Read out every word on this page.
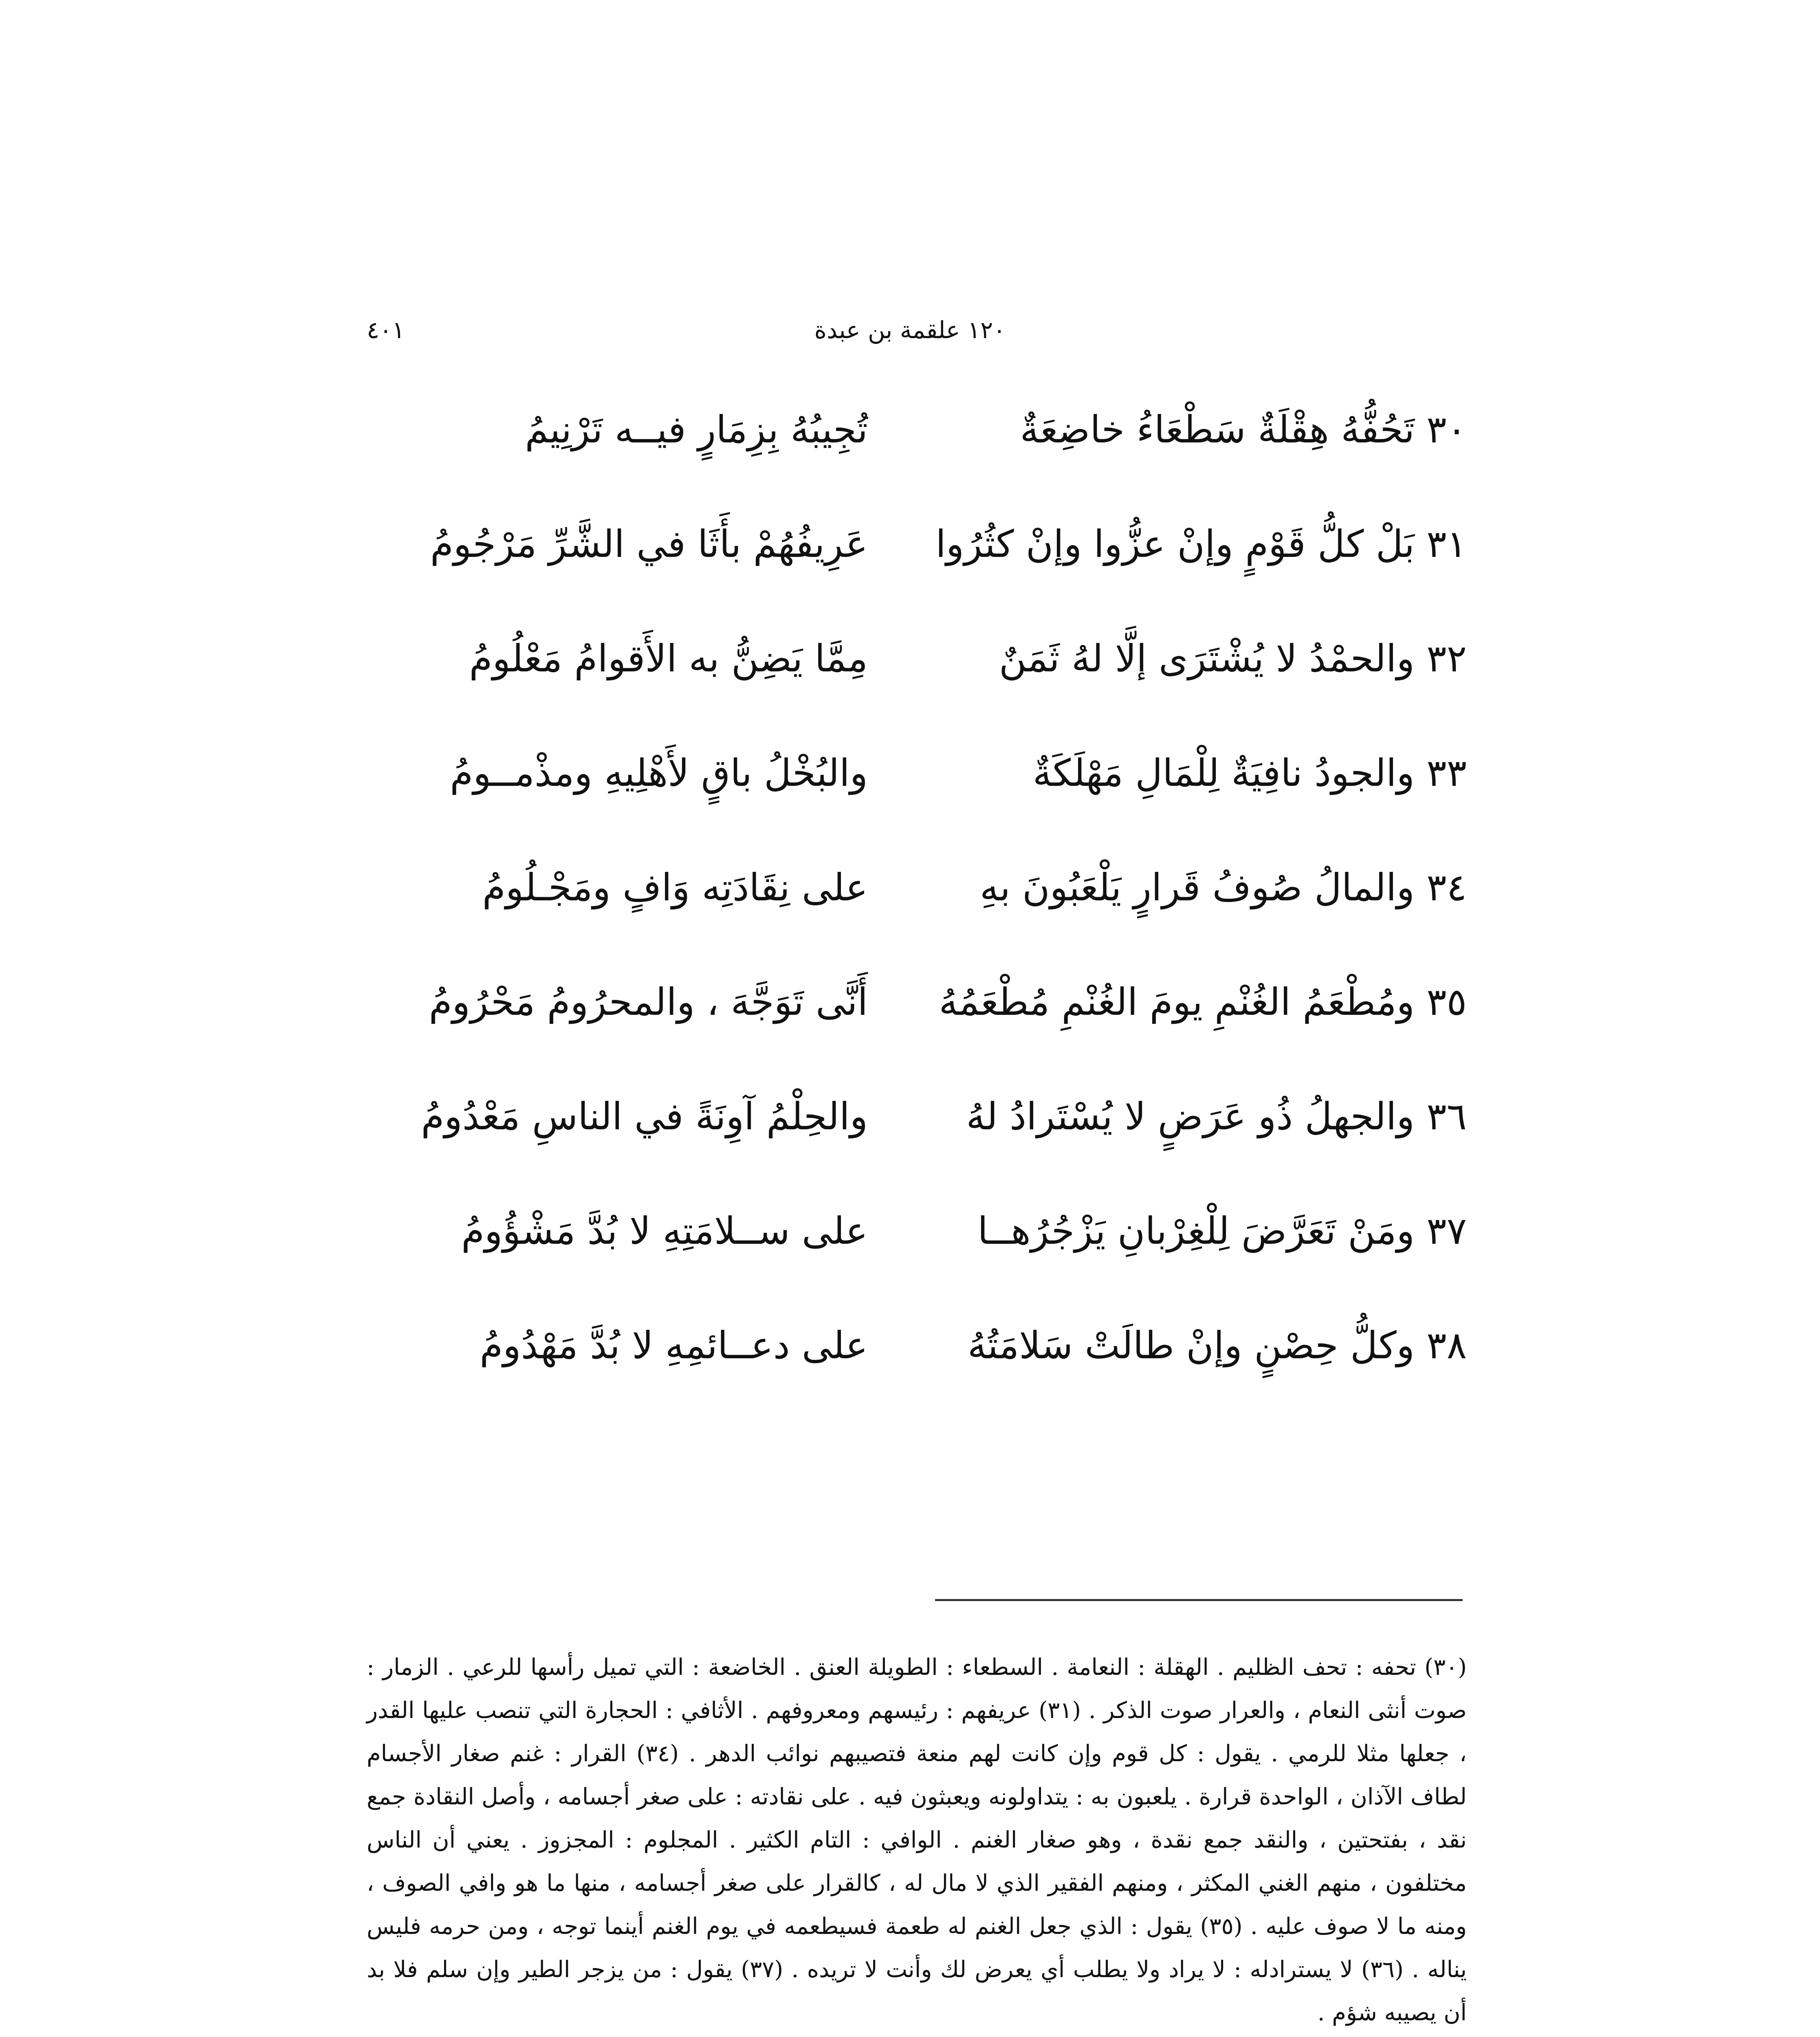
٤٠١	١٢٠ علقمة بن عبدة
٣٠ تَحُفُّهُ هِقْلَةٌ سَطْعَاءُ خاضِعَةٌ
تُجِيبُهُ بِزِمَارٍ فيــه تَرْنِيمُ
٣١ بَلْ كلُّ قَوْمٍ وإنْ عزُّوا وإنْ كثُرُوا
عَرِيفُهُمْ بأَثَا في الشَّرِّ مَرْجُومُ
٣٢ والحمْدُ لا يُشْتَرَى إلَّا لهُ ثَمَنٌ
مِمَّا يَضِنُّ به الأَقوامُ مَعْلُومُ
٣٣ والجودُ نافِيَةٌ لِلْمَالِ مَهْلَكَةٌ
والبُخْلُ باقٍ لأَهْلِيهِ ومذْمــومُ
٣٤ والمالُ صُوفُ قَرارٍ يَلْعَبُونَ بهِ
على نِقَادَتِه وَافٍ ومَجْـلُومُ
٣٥ ومُطْعَمُ الغُنْمِ يومَ الغُنْمِ مُطْعَمُهُ
أَنَّى تَوَجَّهَ ، والمحرُومُ مَحْرُومُ
٣٦ والجهلُ ذُو عَرَضٍ لا يُسْتَرادُ لهُ
والحِلْمُ آوِنَةً في الناسِ مَعْدُومُ
٣٧ ومَنْ تَعَرَّضَ لِلْغِرْبانِ يَزْجُرُهــا
على ســلامَتِهِ لا بُدَّ مَشْؤُومُ
٣٨ وكلُّ حِصْنٍ وإنْ طالَتْ سَلامَتُهُ
على دعــائمِهِ لا بُدَّ مَهْدُومُ
(٣٠) تحفه : تحف الظليم . الهقلة : النعامة . السطعاء : الطويلة العنق . الخاضعة : التي تميل رأسها للرعي . الزمار : صوت أنثى النعام ، والعرار صوت الذكر . (٣١) عريفهم : رئيسهم ومعروفهم . الأثافي : الحجارة التي تنصب عليها القدر ، جعلها مثلا للرمي . يقول : كل قوم وإن كانت لهم منعة فتصيبهم نوائب الدهر . (٣٤) القرار : غنم صغار الأجسام لطاف الآذان ، الواحدة قرارة . يلعبون به : يتداولونه ويعبثون فيه . على نقادته : على صغر أجسامه ، وأصل النقادة جمع نقد ، بفتحتين ، والنقد جمع نقدة ، وهو صغار الغنم . الوافي : التام الكثير . المجلوم : المجزوز . يعني أن الناس مختلفون ، منهم الغني المكثر ، ومنهم الفقير الذي لا مال له ، كالقرار على صغر أجسامه ، منها ما هو وافي الصوف ، ومنه ما لا صوف عليه . (٣٥) يقول : الذي جعل الغنم له طعمة فسيطعمه في يوم الغنم أينما توجه ، ومن حرمه فليس يناله . (٣٦) لا يسترادله : لا يراد ولا يطلب أي يعرض لك وأنت لا تريده . (٣٧) يقول : من يزجر الطير وإن سلم فلا بد أن يصيبه شؤم .
